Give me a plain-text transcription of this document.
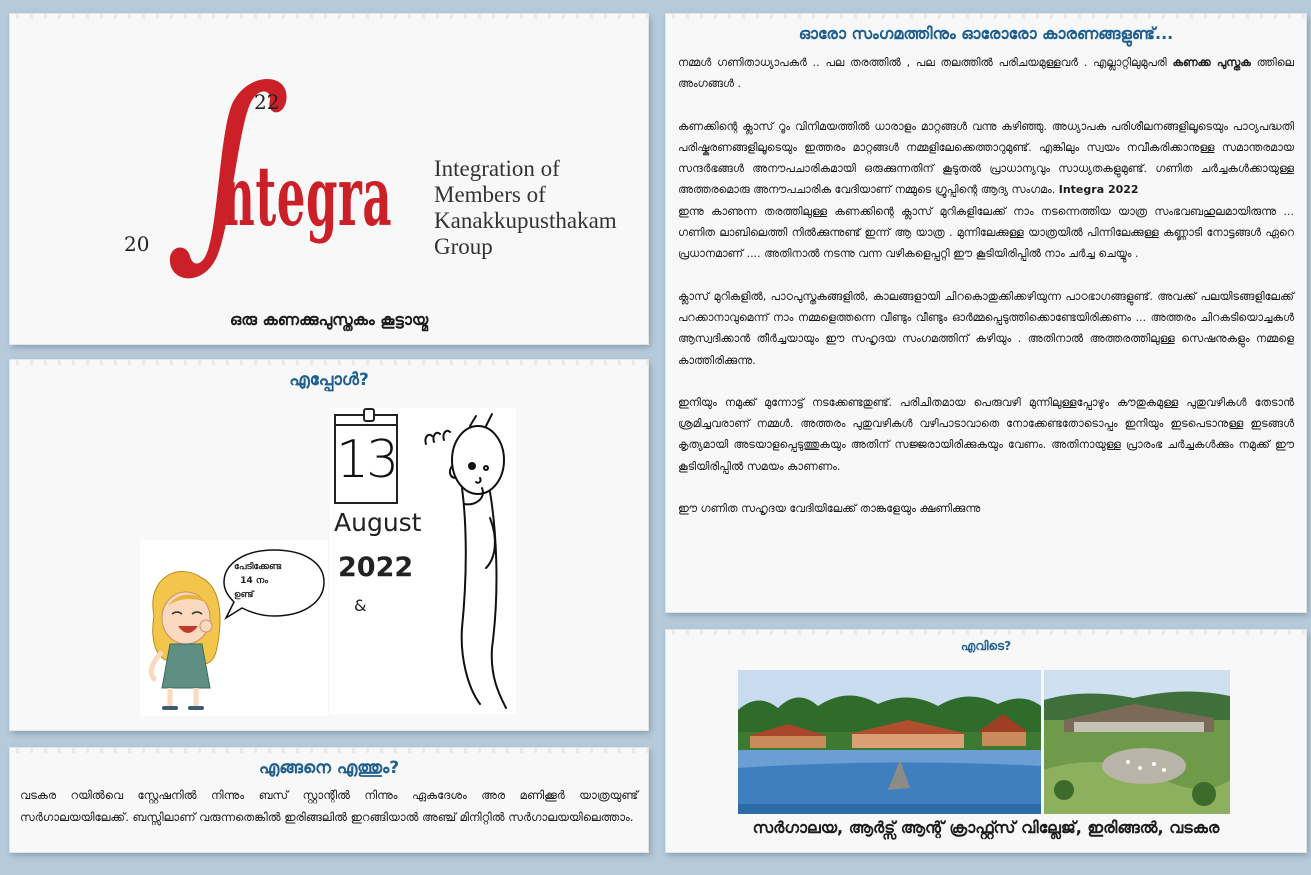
20
22
ntegra Integration of
Members of
Kanakkupusthakam
Group
ഒരു കണക്കുപുസ്തകം കൂട്ടായ്മ
എപ്പോൾ?
13
August
2022
&
പേടിക്കേണ്ട
14 നം
ഉണ്ട്
എങ്ങനെ എത്തും?
വടകര റയിൽവെ സ്റ്റേഷനിൽ നിന്നും ബസ് സ്റ്റാന്റിൽ നിന്നും ഏകദേശം അര മണിക്കൂർ യാത്രയുണ്ട് സർഗാലയയിലേക്ക്. ബസ്സിലാണ് വരുന്നതെങ്കിൽ ഇരിങ്ങലിൽ ഇറങ്ങിയാൽ അഞ്ച് മിനിറ്റിൽ സർഗാലയയിലെത്താം.
ഓരോ സംഗമത്തിനും ഓരോരോ കാരണങ്ങളുണ്ട്...

നമ്മൾ ഗണിതാധ്യാപകർ .. പല തരത്തിൽ , പല തലത്തിൽ പരിചയമുള്ളവർ . എല്ലാറ്റിലുമുപരി കണക്ക പുസ്തക ത്തിലെ അംഗങ്ങൾ .

കണക്കിന്റെ ക്ലാസ് റൂം വിനിമയത്തിൽ ധാരാളം മാറ്റങ്ങൾ വന്നു കഴിഞ്ഞു. അധ്യാപക പരിശീലനങ്ങളിലൂടെയും പാഠ്യപദ്ധതി പരിഷ്കരണങ്ങളിലൂടെയും ഇത്തരം മാറ്റങ്ങൾ നമ്മളിലേക്കെത്താറുമുണ്ട്. എങ്കിലും സ്വയം നവീകരിക്കാനുള്ള സമാന്തരമായ സന്ദർഭങ്ങൾ അനൗപചാരികമായി ഒരുക്കുന്നതിന് കൂടുതൽ പ്രാധാന്യവും സാധ്യതകളുമുണ്ട്. ഗണിത ചർച്ചകൾക്കായുള്ള അത്തരമൊരു അനൗപചാരിക വേദിയാണ് നമ്മുടെ ഗ്രൂപ്പിന്റെ ആദ്യ സംഗമം. Integra 2022

ഇന്നു കാണുന്ന തരത്തിലുള്ള കണക്കിന്റെ ക്ലാസ് മുറികളിലേക്ക് നാം നടന്നെത്തിയ യാത്ര സംഭവബഹുലമായിരുന്നു ... ഗണിത ലാബിലെത്തി നിൽക്കുന്നുണ്ട് ഇന്ന് ആ യാത്ര . മുന്നിലേക്കുള്ള യാത്രയിൽ പിന്നിലേക്കുള്ള കണ്ണാടി നോട്ടങ്ങൾ ഏറെ പ്രധാനമാണ് .... അതിനാൽ നടന്നു വന്ന വഴികളെപ്പറ്റി ഈ കൂടിയിരിപ്പിൽ നാം ചർച്ച ചെയ്യും .

ക്ലാസ് മുറികളിൽ, പാഠപുസ്തകങ്ങളിൽ, കാലങ്ങളായി ചിറകൊതുക്കിക്കഴിയുന്ന പാഠഭാഗങ്ങളുണ്ട്. അവക്ക് പലയിടങ്ങളിലേക്ക് പറക്കാനാവുമെന്ന് നാം നമ്മളെത്തന്നെ വീണ്ടും വീണ്ടും ഓർമ്മപ്പെടുത്തിക്കൊണ്ടേയിരിക്കണം ... അത്തരം ചിറകടിയൊച്ചകൾ ആസ്വദിക്കാൻ തീർച്ചയായും ഈ സഹൃദയ സംഗമത്തിന് കഴിയും . അതിനാൽ അത്തരത്തിലുള്ള സെഷനുകളും നമ്മളെ കാത്തിരിക്കുന്നു.

ഇനിയും നമുക്ക് മുന്നോട്ട് നടക്കേണ്ടതുണ്ട്. പരിചിതമായ പെരുവഴി മുന്നിലുള്ളപ്പോഴും കൗതുകമുള്ള പുതുവഴികൾ തേടാൻ ശ്രമിച്ചവരാണ് നമ്മൾ. അത്തരം പുതുവഴികൾ വഴിപാടാവാതെ നോക്കേണ്ടതോടൊപ്പം ഇനിയും ഇടപെടാനുള്ള ഇടങ്ങൾ കൃത്യമായി അടയാളപ്പെടുത്തുകയും അതിന് സജ്ജരായിരിക്കുകയും വേണം. അതിനായുള്ള പ്രാരംഭ ചർച്ചകൾക്കും നമുക്ക് ഈ കൂടിയിരിപ്പിൽ സമയം കാണണം.

ഈ ഗണിത സഹൃദയ വേദിയിലേക്ക് താങ്കളേയും ക്ഷണിക്കുന്നു

എവിടെ?
സർഗാലയ, ആർട്സ് ആന്റ് ക്രാഫ്റ്റ്സ് വില്ലേജ്, ഇരിങ്ങൽ, വടകര
